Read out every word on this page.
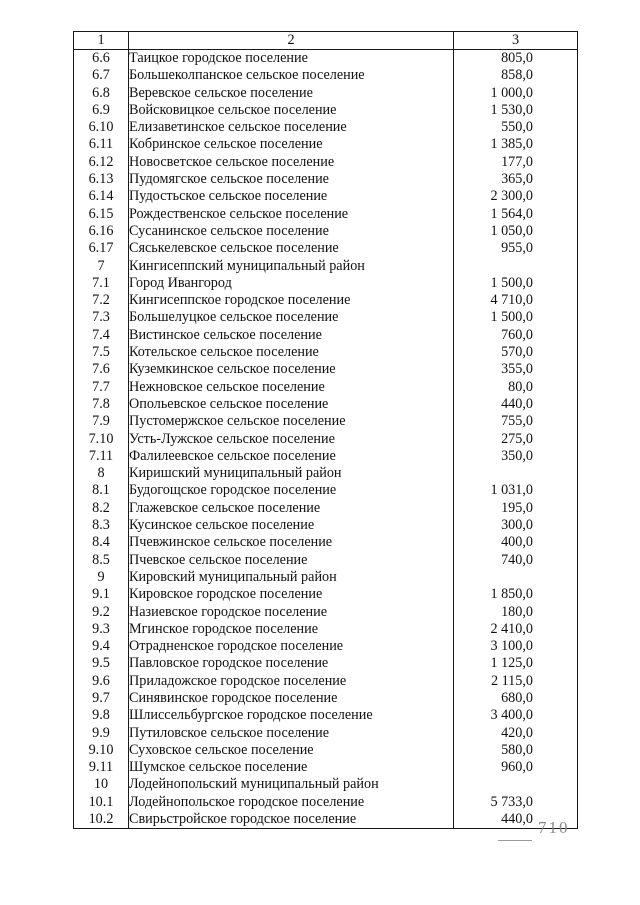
1	2	3
6.6	Таицкое городское поселение	805,0
6.7	Большеколпанское сельское поселение	858,0
6.8	Веревское сельское поселение	1 000,0
6.9	Войсковицкое сельское поселение	1 530,0
6.10	Елизаветинское сельское поселение	550,0
6.11	Кобринское сельское поселение	1 385,0
6.12	Новосветское сельское поселение	177,0
6.13	Пудомягское сельское поселение	365,0
6.14	Пудостьское сельское поселение	2 300,0
6.15	Рождественское сельское поселение	1 564,0
6.16	Сусанинское сельское поселение	1 050,0
6.17	Сяськелевское сельское поселение	955,0
7	Кингисеппский муниципальный район	
7.1	Город Ивангород	1 500,0
7.2	Кингисеппское городское поселение	4 710,0
7.3	Большелуцкое сельское поселение	1 500,0
7.4	Вистинское сельское поселение	760,0
7.5	Котельское сельское поселение	570,0
7.6	Куземкинское сельское поселение	355,0
7.7	Нежновское сельское поселение	80,0
7.8	Опольевское сельское поселение	440,0
7.9	Пустомержское сельское поселение	755,0
7.10	Усть-Лужское сельское поселение	275,0
7.11	Фалилеевское сельское поселение	350,0
8	Киришский муниципальный район	
8.1	Будогощское городское поселение	1 031,0
8.2	Глажевское сельское поселение	195,0
8.3	Кусинское сельское поселение	300,0
8.4	Пчевжинское сельское поселение	400,0
8.5	Пчевское сельское поселение	740,0
9	Кировский муниципальный район	
9.1	Кировское городское поселение	1 850,0
9.2	Назиевское городское поселение	180,0
9.3	Мгинское городское поселение	2 410,0
9.4	Отрадненское городское поселение	3 100,0
9.5	Павловское городское поселение	1 125,0
9.6	Приладожское городское поселение	2 115,0
9.7	Синявинское городское поселение	680,0
9.8	Шлиссельбургское городское поселение	3 400,0
9.9	Путиловское сельское поселение	420,0
9.10	Суховское сельское поселение	580,0
9.11	Шумское сельское поселение	960,0
10	Лодейнопольский муниципальный район	
10.1	Лодейнопольское городское поселение	5 733,0
10.2	Свирьстройское городское поселение	440,0 710
